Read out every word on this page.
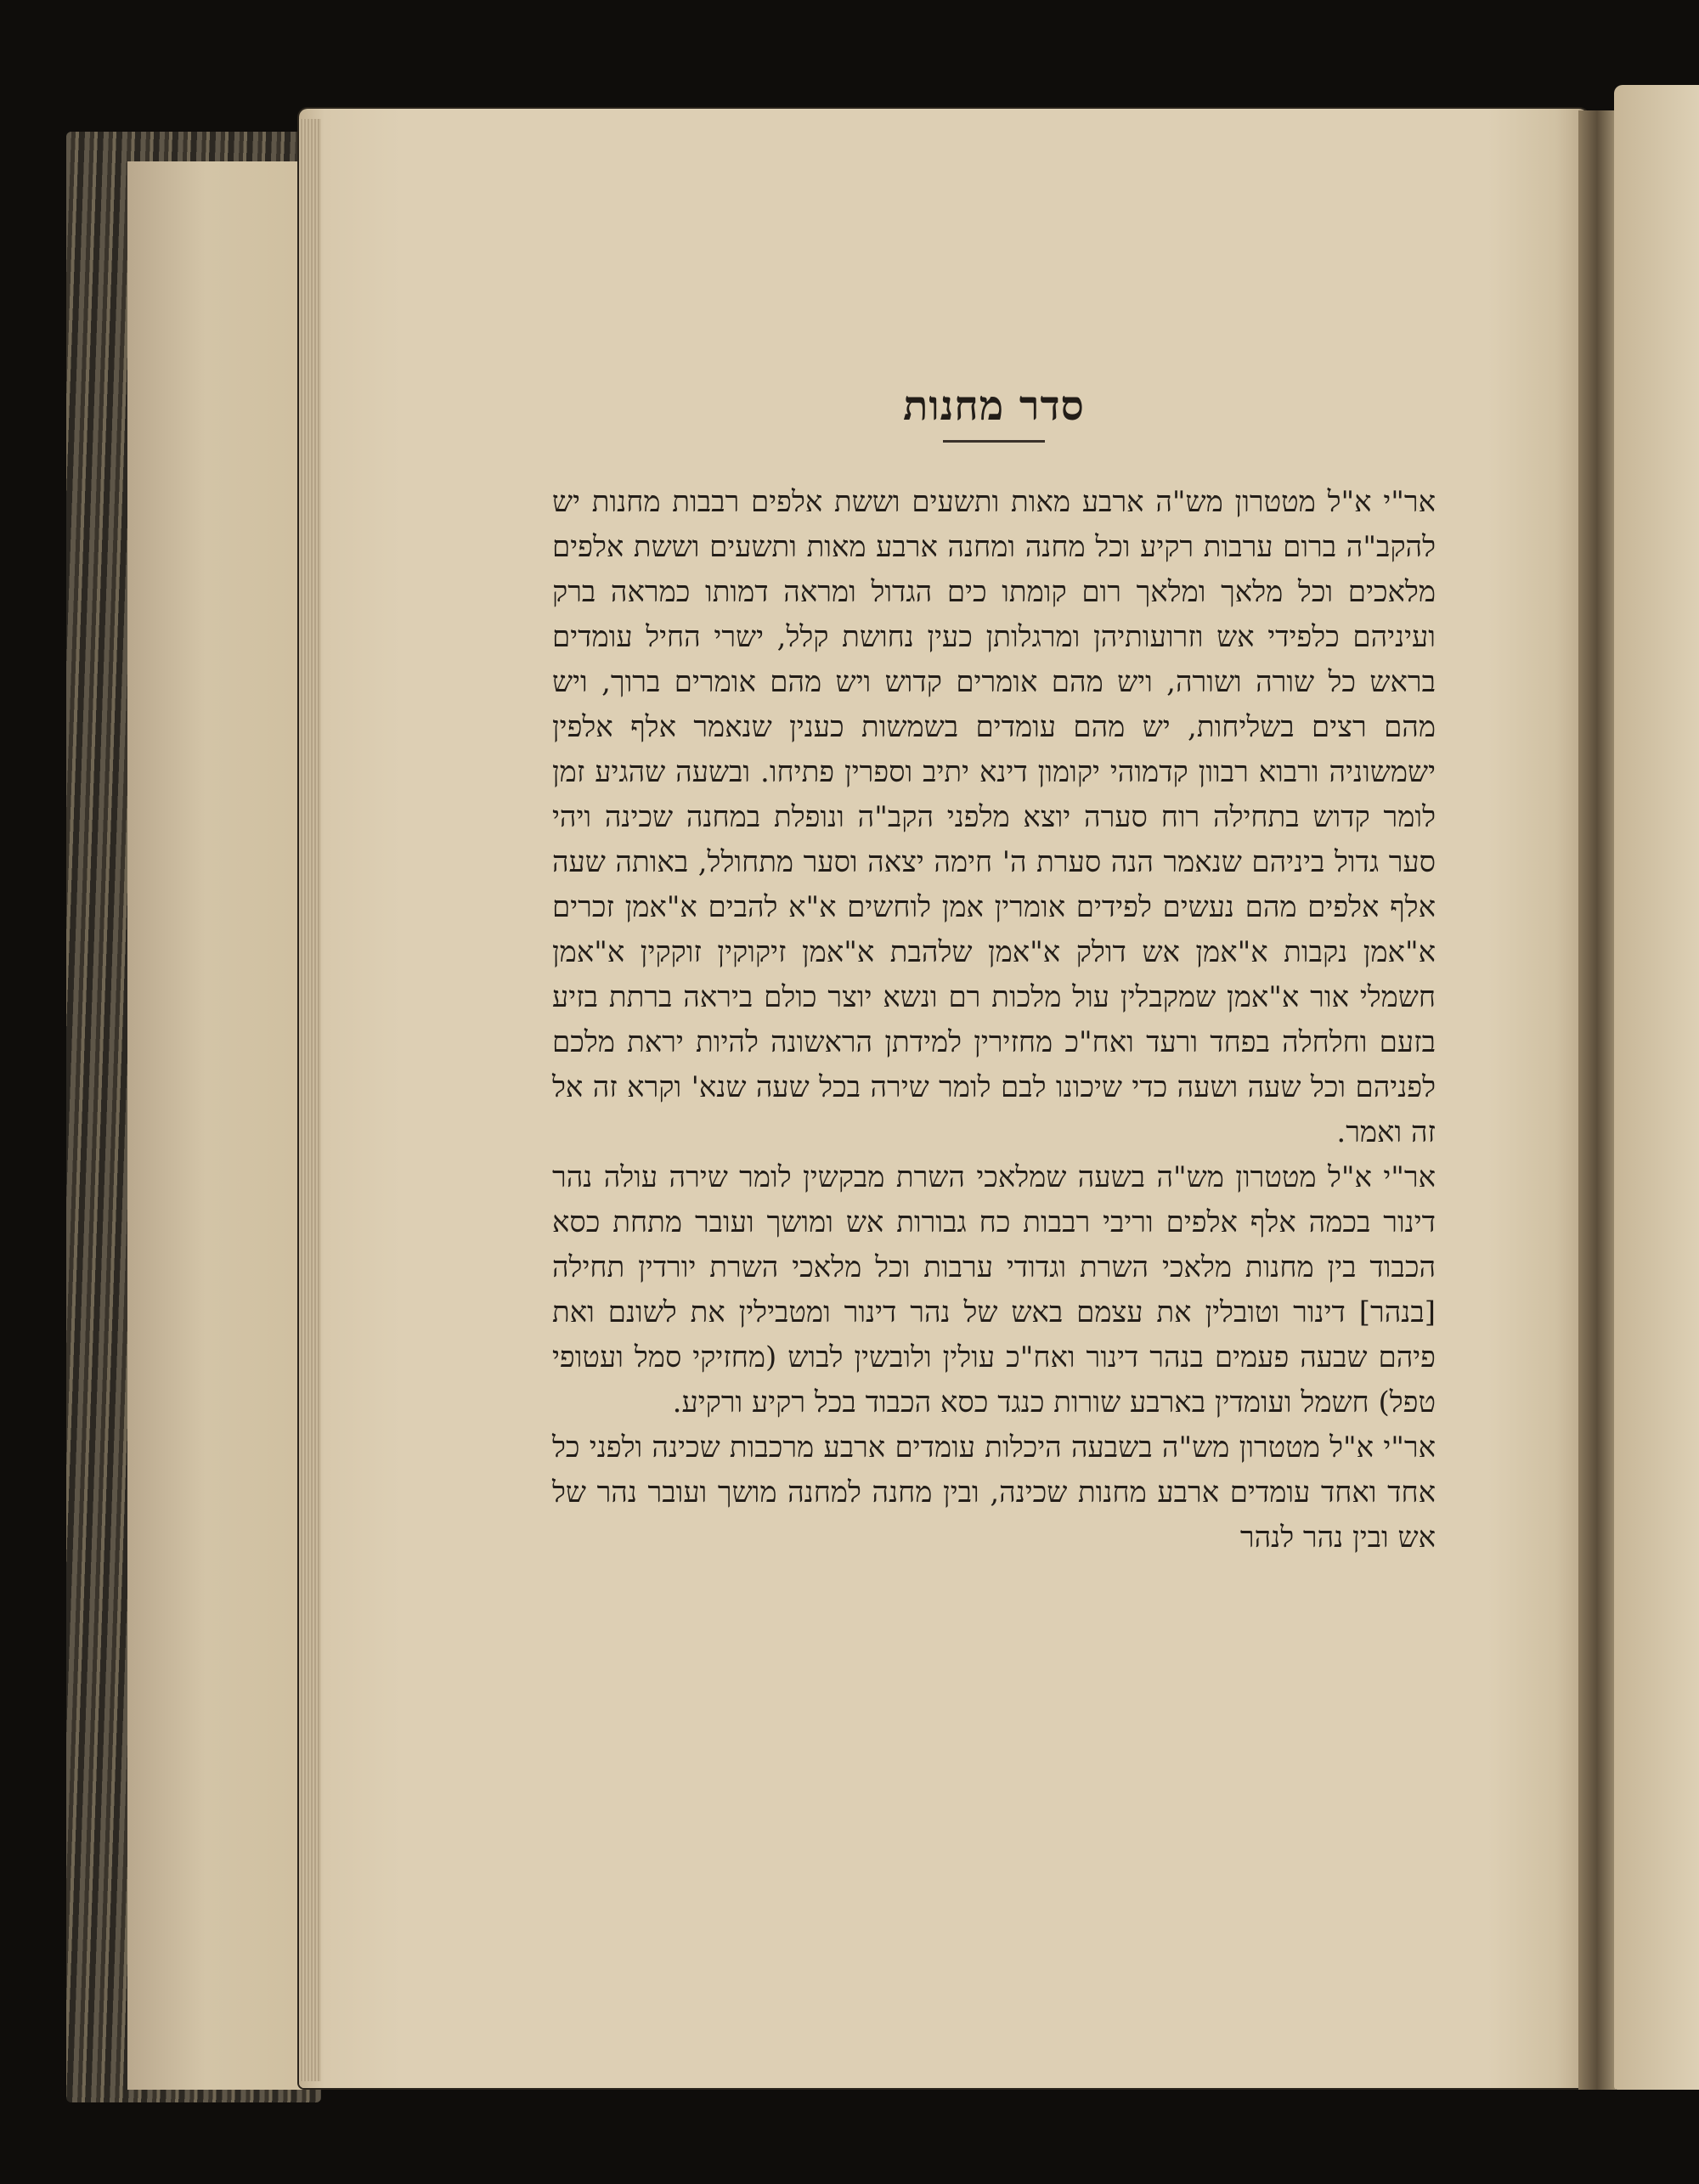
סדר מחנות

אר"י א"ל מטטרון מש"ה ארבע מאות ותשעים וששת אלפים רבבות מחנות יש להקב"ה ברום ערבות רקיע וכל מחנה ומחנה ארבע מאות ותשעים וששת אלפים מלאכים וכל מלאך ומלאך רום קומתו כים הגדול ומראה דמותו כמראה ברק ועיניהם כלפידי אש וזרועותיהן ומרגלותן כעין נחושת קלל, ישרי החיל עומדים בראש כל שורה ושורה, ויש מהם אומרים קדוש ויש מהם אומרים ברוך, ויש מהם רצים בשליחות, יש מהם עומדים בשמשות כענין שנאמר אלף אלפין ישמשוניה ורבוא רבוון קדמוהי יקומון דינא יתיב וספרין פתיחו. ובשעה שהגיע זמן לומר קדוש בתחילה רוח סערה יוצא מלפני הקב"ה ונופלת במחנה שכינה ויהי סער גדול ביניהם שנאמר הנה סערת ה' חימה יצאה וסער מתחולל, באותה שעה אלף אלפים מהם נעשים לפידים אומרין אמן לוחשים א"א להבים א"אמן זכרים א"אמן נקבות א"אמן אש דולק א"אמן שלהבת א"אמן זיקוקין זוקקין א"אמן חשמלי אור א"אמן שמקבלין עול מלכות רם ונשא יוצר כולם ביראה ברתת בזיע בזעם וחלחלה בפחד ורעד ואח"כ מחזירין למידתן הראשונה להיות יראת מלכם לפניהם וכל שעה ושעה כדי שיכונו לבם לומר שירה בכל שעה שנא' וקרא זה אל זה ואמר.

אר"י א"ל מטטרון מש"ה בשעה שמלאכי השרת מבקשין לומר שירה עולה נהר דינור בכמה אלף אלפים וריבי רבבות כח גבורות אש ומושך ועובר מתחת כסא הכבוד בין מחנות מלאכי השרת וגדודי ערבות וכל מלאכי השרת יורדין תחילה [בנהר] דינור וטובלין את עצמם באש של נהר דינור ומטבילין את לשונם ואת פיהם שבעה פעמים בנהר דינור ואח"כ עולין ולובשין לבוש (מחזיקי סמל ועטופי טפל) חשמל ועומדין בארבע שורות כנגד כסא הכבוד בכל רקיע ורקיע.

אר"י א"ל מטטרון מש"ה בשבעה היכלות עומדים ארבע מרכבות שכינה ולפני כל אחד ואחד עומדים ארבע מחנות שכינה, ובין מחנה למחנה מושך ועובר נהר של אש ובין נהר לנהר
